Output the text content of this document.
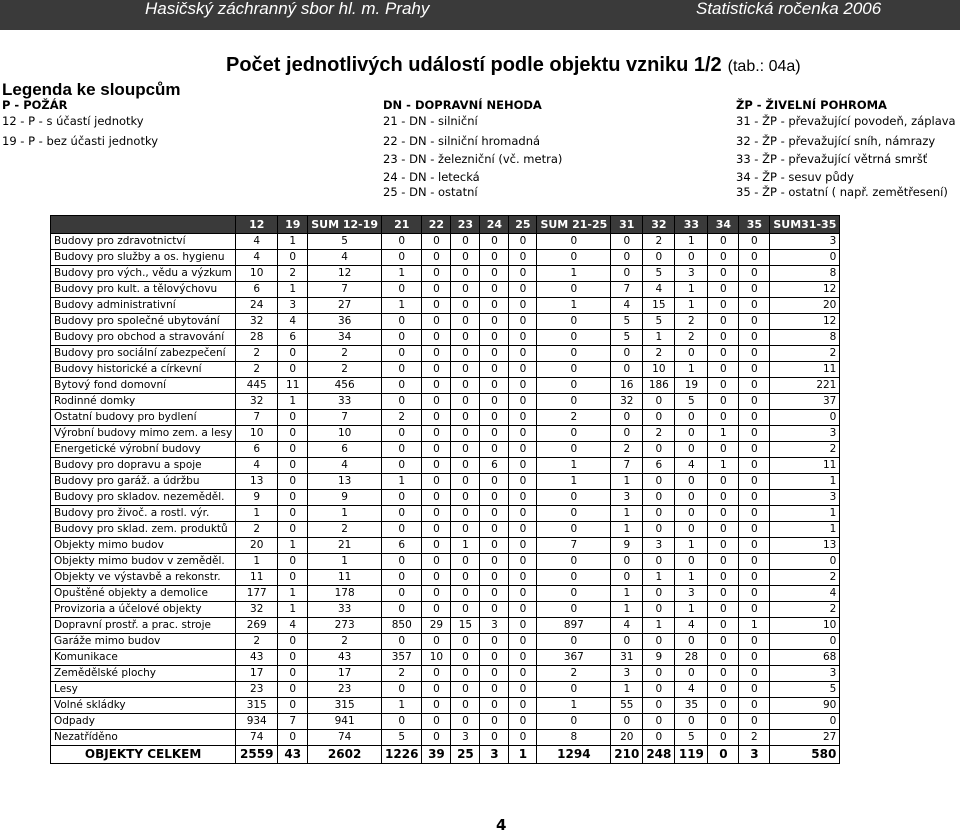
Hasičský záchranný sbor hl. m. Prahy	Statistická ročenka 2006
Počet jednotlivých událostí podle objektu vzniku 1/2 (tab.: 04a)
Legenda ke sloupcům
P - POŽÁR
12 - P - s účastí jednotky
19 - P - bez účasti jednotky
DN - DOPRAVNÍ NEHODA
21 - DN - silniční
22 - DN - silniční hromadná
23 - DN - železniční (vč. metra)
24 - DN - letecká
25 - DN - ostatní
ŽP - ŽIVELNÍ POHROMA
31 - ŽP - převažující povodeň, záplava
32 - ŽP - převažující sníh, námrazy
33 - ŽP - převažující větrná smršť
34 - ŽP - sesuv půdy
35 - ŽP - ostatní ( např. zemětřesení)
	12	19	SUM 12-19	21	22	23	24	25	SUM 21-25	31	32	33	34	35	SUM31-35
Budovy pro zdravotnictví	4	1	5	0	0	0	0	0	0	0	2	1	0	0	3
Budovy pro služby a os. hygienu	4	0	4	0	0	0	0	0	0	0	0	0	0	0	0
Budovy pro vých., vědu a výzkum	10	2	12	1	0	0	0	0	1	0	5	3	0	0	8
Budovy pro kult. a tělovýchovu	6	1	7	0	0	0	0	0	0	7	4	1	0	0	12
Budovy administrativní	24	3	27	1	0	0	0	0	1	4	15	1	0	0	20
Budovy pro společné ubytování	32	4	36	0	0	0	0	0	0	5	5	2	0	0	12
Budovy pro obchod a stravování	28	6	34	0	0	0	0	0	0	5	1	2	0	0	8
Budovy pro sociální zabezpečení	2	0	2	0	0	0	0	0	0	0	2	0	0	0	2
Budovy historické a církevní	2	0	2	0	0	0	0	0	0	0	10	1	0	0	11
Bytový fond domovní	445	11	456	0	0	0	0	0	0	16	186	19	0	0	221
Rodinné domky	32	1	33	0	0	0	0	0	0	32	0	5	0	0	37
Ostatní budovy pro bydlení	7	0	7	2	0	0	0	0	2	0	0	0	0	0	0
Výrobní budovy mimo zem. a lesy	10	0	10	0	0	0	0	0	0	0	2	0	1	0	3
Energetické výrobní budovy	6	0	6	0	0	0	0	0	0	2	0	0	0	0	2
Budovy pro dopravu a spoje	4	0	4	0	0	0	6	0	1	7	6	4	1	0	11
Budovy pro garáž. a údržbu	13	0	13	1	0	0	0	0	1	1	0	0	0	0	1
Budovy pro skladov. nezeměděl.	9	0	9	0	0	0	0	0	0	3	0	0	0	0	3
Budovy pro živoč. a rostl. výr.	1	0	1	0	0	0	0	0	0	1	0	0	0	0	1
Budovy pro sklad. zem. produktů	2	0	2	0	0	0	0	0	0	1	0	0	0	0	1
Objekty mimo budov	20	1	21	6	0	1	0	0	7	9	3	1	0	0	13
Objekty mimo budov v zeměděl.	1	0	1	0	0	0	0	0	0	0	0	0	0	0	0
Objekty ve výstavbě a rekonstr.	11	0	11	0	0	0	0	0	0	0	1	1	0	0	2
Opuštěné objekty a demolice	177	1	178	0	0	0	0	0	0	1	0	3	0	0	4
Provizoria a účelové objekty	32	1	33	0	0	0	0	0	0	1	0	1	0	0	2
Dopravní prostř. a prac. stroje	269	4	273	850	29	15	3	0	897	4	1	4	0	1	10
Garáže mimo budov	2	0	2	0	0	0	0	0	0	0	0	0	0	0	0
Komunikace	43	0	43	357	10	0	0	0	367	31	9	28	0	0	68
Zemědělské plochy	17	0	17	2	0	0	0	0	2	3	0	0	0	0	3
Lesy	23	0	23	0	0	0	0	0	0	1	0	4	0	0	5
Volné skládky	315	0	315	1	0	0	0	0	1	55	0	35	0	0	90
Odpady	934	7	941	0	0	0	0	0	0	0	0	0	0	0	0
Nezatříděno	74	0	74	5	0	3	0	0	8	20	0	5	0	2	27
OBJEKTY CELKEM	2559	43	2602	1226	39	25	3	1	1294	210	248	119	0	3	580
4
